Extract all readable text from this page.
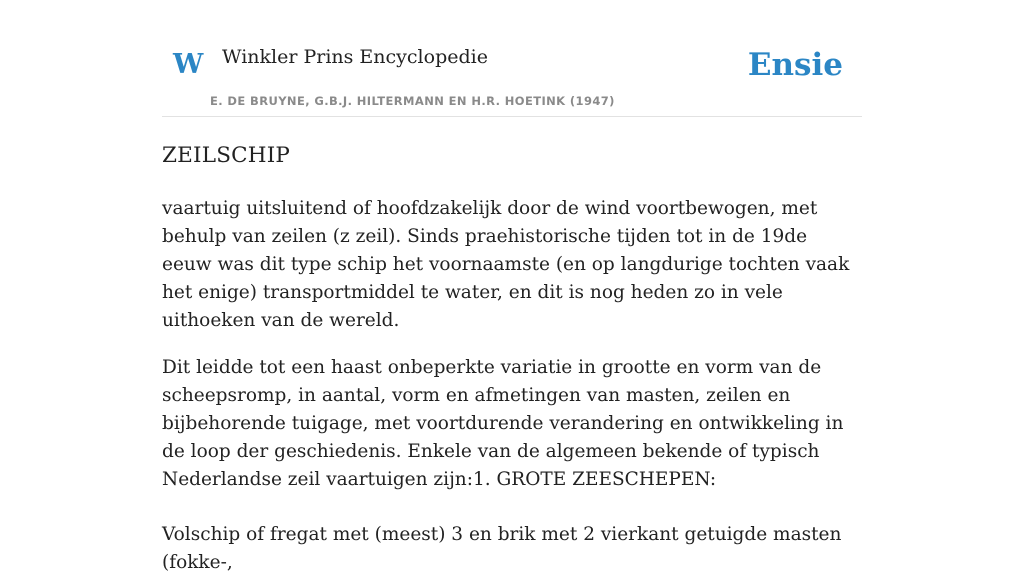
W Winkler Prins Encyclopedie
E. DE BRUYNE, G.B.J. HILTERMANN EN H.R. HOETINK (1947)
Ensie
ZEILSCHIP

vaartuig uitsluitend of hoofdzakelijk door de wind voortbewogen, met behulp van zeilen (z zeil). Sinds praehistorische tijden tot in de 19de eeuw was dit type schip het voornaamste (en op langdurige tochten vaak het enige) transportmiddel te water, en dit is nog heden zo in vele uithoeken van de wereld.

Dit leidde tot een haast onbeperkte variatie in grootte en vorm van de scheepsromp, in aantal, vorm en afmetingen van masten, zeilen en bijbehorende tuigage, met voortdurende verandering en ontwikkeling in de loop der geschiedenis. Enkele van de algemeen bekende of typisch Nederlandse zeil vaartuigen zijn:1. GROTE ZEESCHEPEN:

Volschip of fregat met (meest) 3 en brik met 2 vierkant getuigde masten (fokke-,
